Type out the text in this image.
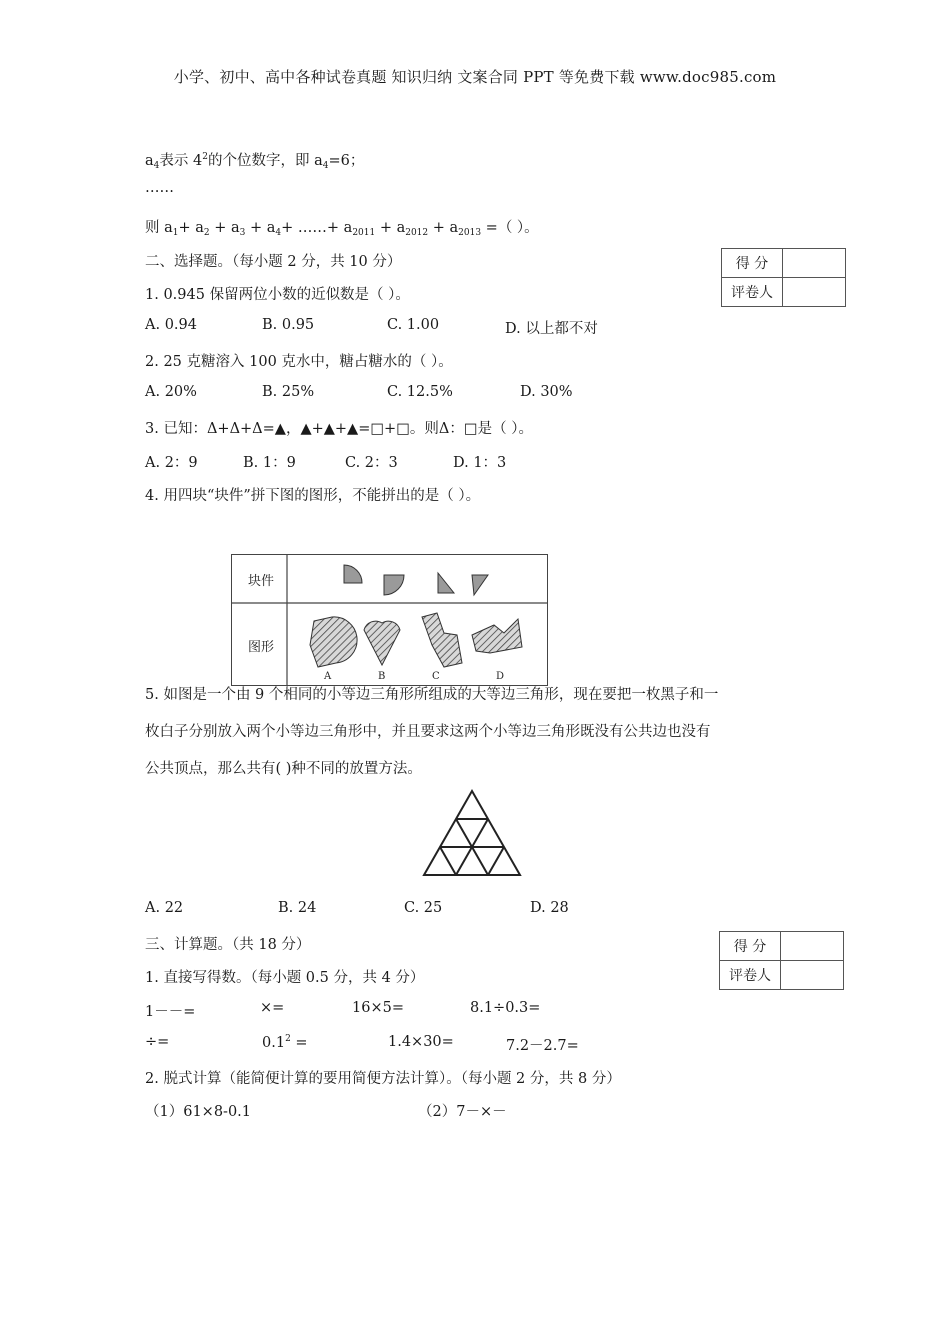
小学、初中、高中各种试卷真题 知识归纳 文案合同 PPT 等免费下载 www.doc985.com
$a_4$表示 $4^2$的个位数字，即 $a_4=6$；
……
则 $a_1+ a_2 + a_3 + a_4+$ ……+ $a_{2011} + a_{2012} + a_{2013}$ =（ ）。
二、选择题。（每小题 2 分，共 10 分）	得 分	
评卷人	
1. 0.945 保留两位小数的近似数是（ ）。
A. 0.94	B. 0.95	C. 1.00	D. 以上都不对
2. 25 克糖溶入 100 克水中，糖占糖水的（ ）。
A. 20%	B. 25%	C. 12.5%	D. 30%
3. 已知：Δ+Δ+Δ=▲，▲+▲+▲=□+□。则Δ：□是（ ）。
A. 2：9	B. 1：9	C. 2：3	D. 1：3
4. 用四块“块件”拼下图的图形，不能拼出的是（ ）。
块件
图形
A	B	C	D
5. 如图是一个由 9 个相同的小等边三角形所组成的大等边三角形，现在要把一枚黑子和一
枚白子分别放入两个小等边三角形中，并且要求这两个小等边三角形既没有公共边也没有
公共顶点，那么共有( )种不同的放置方法。
A. 22	B. 24	C. 25	D. 28
三、计算题。（共 18 分）	得 分	
评卷人	
1. 直接写得数。（每小题 0.5 分，共 4 分）
1－－=	×=	16×5=	8.1÷0.3=
÷=	$0.1^2$ =	1.4×30=	7.2－2.7=
2. 脱式计算（能简便计算的要用简便方法计算）。（每小题 2 分，共 8 分）
（1）61×8-0.1	（2）7－×－
